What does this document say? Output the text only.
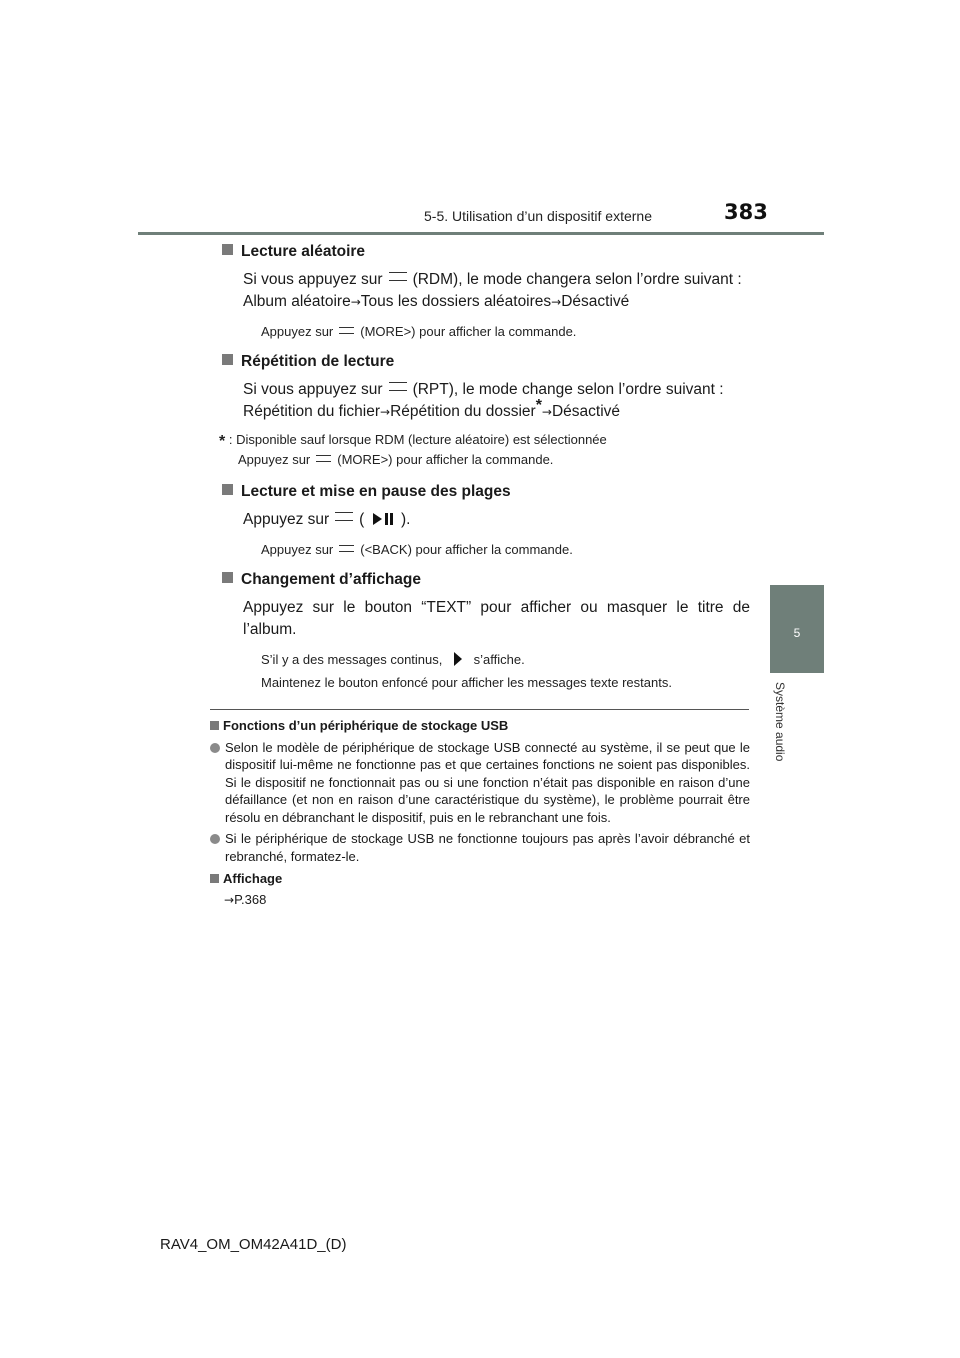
5-5. Utilisation d’un dispositif externe	383
5
Système audio

Lecture aléatoire

Si vous appuyez sur (RDM), le mode changera selon l’ordre suivant :
Album aléatoire→Tous les dossiers aléatoires→Désactivé
Appuyez sur (MORE>) pour afficher la commande.

Répétition de lecture

Si vous appuyez sur (RPT), le mode change selon l’ordre suivant :
Répétition du fichier→Répétition du dossier*→Désactivé
* : Disponible sauf lorsque RDM (lecture aléatoire) est sélectionnée
Appuyez sur (MORE>) pour afficher la commande.

Lecture et mise en pause des plages

Appuyez sur ( ).
Appuyez sur (<BACK) pour afficher la commande.

Changement d’affichage

Appuyez sur le bouton “TEXT” pour afficher ou masquer le titre de l’album.
S’il y a des messages continus, s’affiche.
Maintenez le bouton enfoncé pour afficher les messages texte restants.

Fonctions d’un périphérique de stockage USB

Selon le modèle de périphérique de stockage USB connecté au système, il se peut que le dispositif lui-même ne fonctionne pas et que certaines fonctions ne soient pas disponibles. Si le dispositif ne fonctionnait pas ou si une fonction n’était pas disponible en raison d’une défaillance (et non en raison d’une caractéristique du système), le problème pourrait être résolu en débranchant le dispositif, puis en le rebranchant une fois.
Si le périphérique de stockage USB ne fonctionne toujours pas après l’avoir débranché et rebranché, formatez-le.

Affichage

→P.368

RAV4_OM_OM42A41D_(D)
